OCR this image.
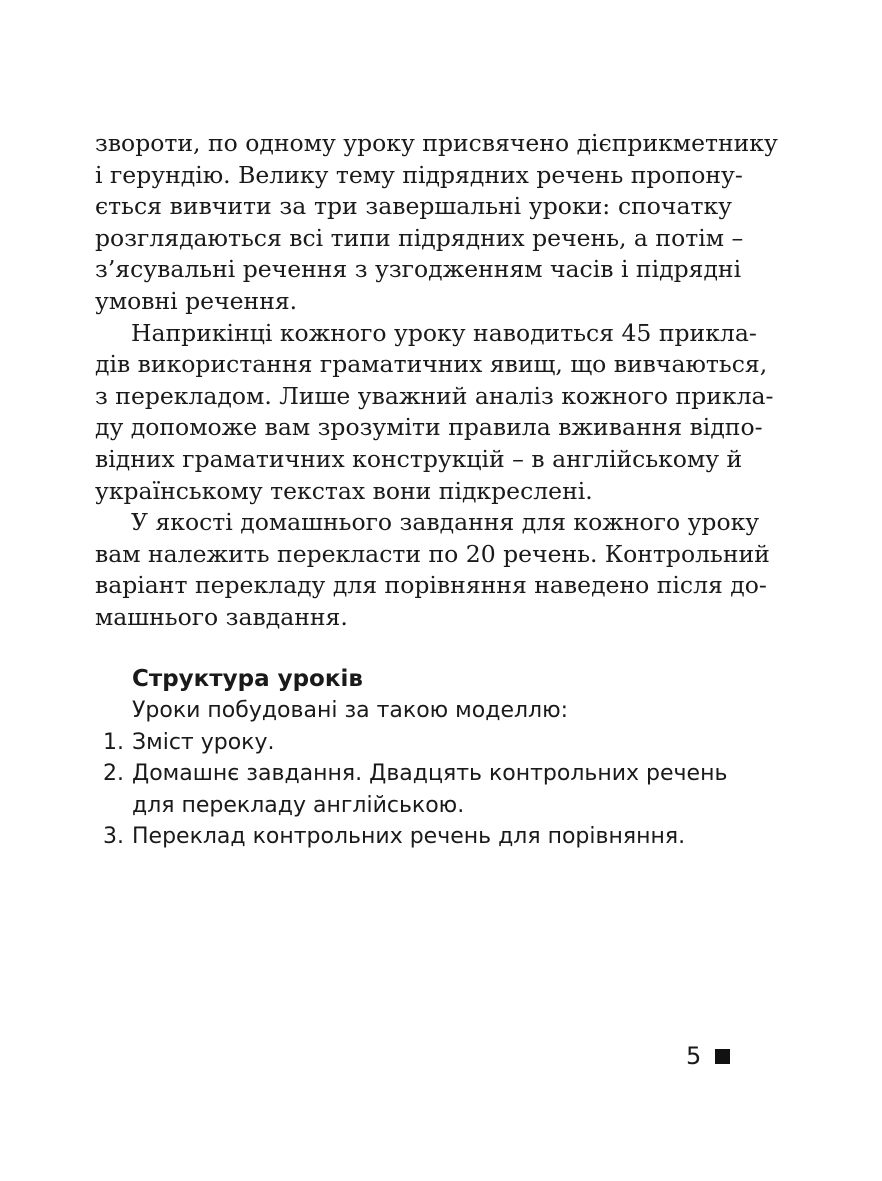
звороти, по одному уроку присвячено дієприкметнику
і герундію. Велику тему підрядних речень пропону-
ється вивчити за три завершальні уроки: спочатку
розглядаються всі типи підрядних речень, а потім –
з’ясувальні речення з узгодженням часів і підрядні
умовні речення.

Наприкінці кожного уроку наводиться 45 прикла-
дів використання граматичних явищ, що вивчаються,
з перекладом. Лише уважний аналіз кожного прикла-
ду допоможе вам зрозуміти правила вживання відпо-
відних граматичних конструкцій – в англійському й
українському текстах вони підкреслені.

У якості домашнього завдання для кожного уроку
вам належить перекласти по 20 речень. Контрольний
варіант перекладу для порівняння наведено після до-
машнього завдання.

Структура уроків

Уроки побудовані за такою моделлю:

1. Зміст уроку.
2. Домашнє завдання. Двадцять контрольних речень
для перекладу англійською.
3. Переклад контрольних речень для порівняння.
5
